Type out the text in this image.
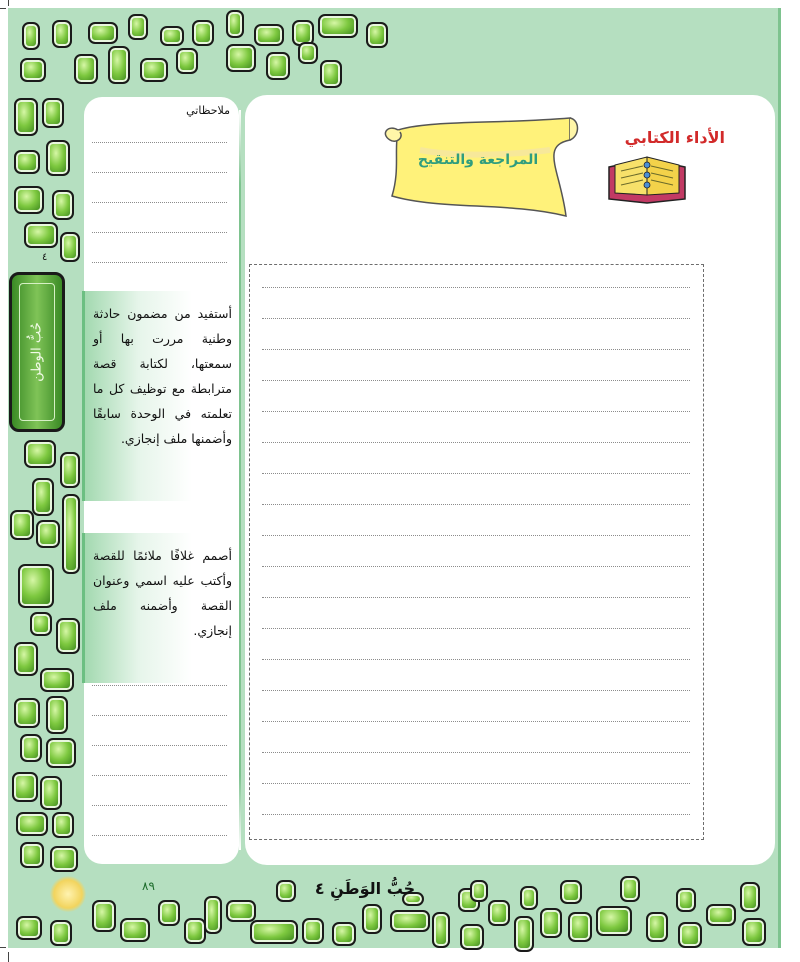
ملاحظاتي
أستفيد من مضمون حادثة وطنية مررت بها أو سمعتها، لكتابة قصة مترابطة مع توظيف كل ما تعلمته في الوحدة سابقًا وأضمنها ملف إنجازي.
أصمم غلافًا ملائمًا للقصة وأكتب عليه اسمي وعنوان القصة وأضمنه ملف إنجازي.
٤
حُبُّ الوطن
الأداء الكتابي
المراجعة والتنقيح
٨٩	حُبُّ الوَطَنِ ٤
